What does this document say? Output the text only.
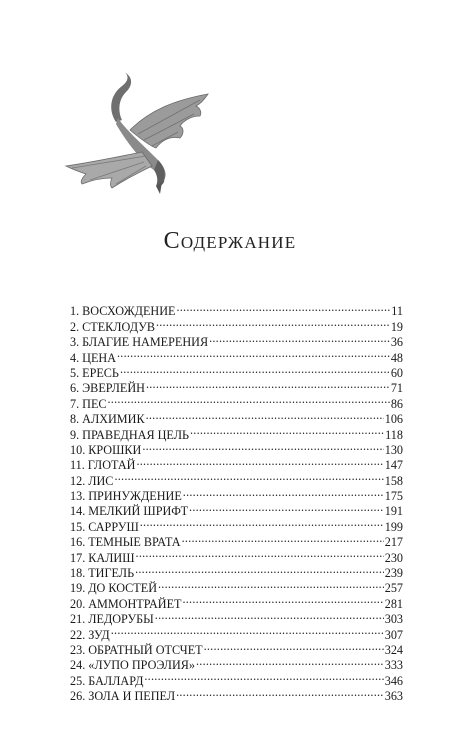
Содержание
1. ВОСХОЖДЕНИЕ . . .	11
2. СТЕКЛОДУВ . . .	19
3. БЛАГИЕ НАМЕРЕНИЯ . . .	36
4. ЦЕНА . . .	48
5. ЕРЕСЬ . . .	60
6. ЭВЕРЛЕЙН . . .	71
7. ПЕС . . .	86
8. АЛХИМИК . . .	106
9. ПРАВЕДНАЯ ЦЕЛЬ . . .	118
10. КРОШКИ . . .	130
11. ГЛОТАЙ . . .	147
12. ЛИС . . .	158
13. ПРИНУЖДЕНИЕ . . .	175
14. МЕЛКИЙ ШРИФТ . . .	191
15. САРРУШ . . .	199
16. ТЕМНЫЕ ВРАТА . . .	217
17. КАЛИШ . . .	230
18. ТИГЕЛЬ . . .	239
19. ДО КОСТЕЙ . . .	257
20. АММОНТРАЙЕТ . . .	281
21. ЛЕДОРУБЫ . . .	303
22. ЗУД . . .	307
23. ОБРАТНЫЙ ОТСЧЕТ . . .	324
24. «ЛУПО ПРОЭЛИЯ» . . .	333
25. БАЛЛАРД . . .	346
26. ЗОЛА И ПЕПЕЛ . . .	363
